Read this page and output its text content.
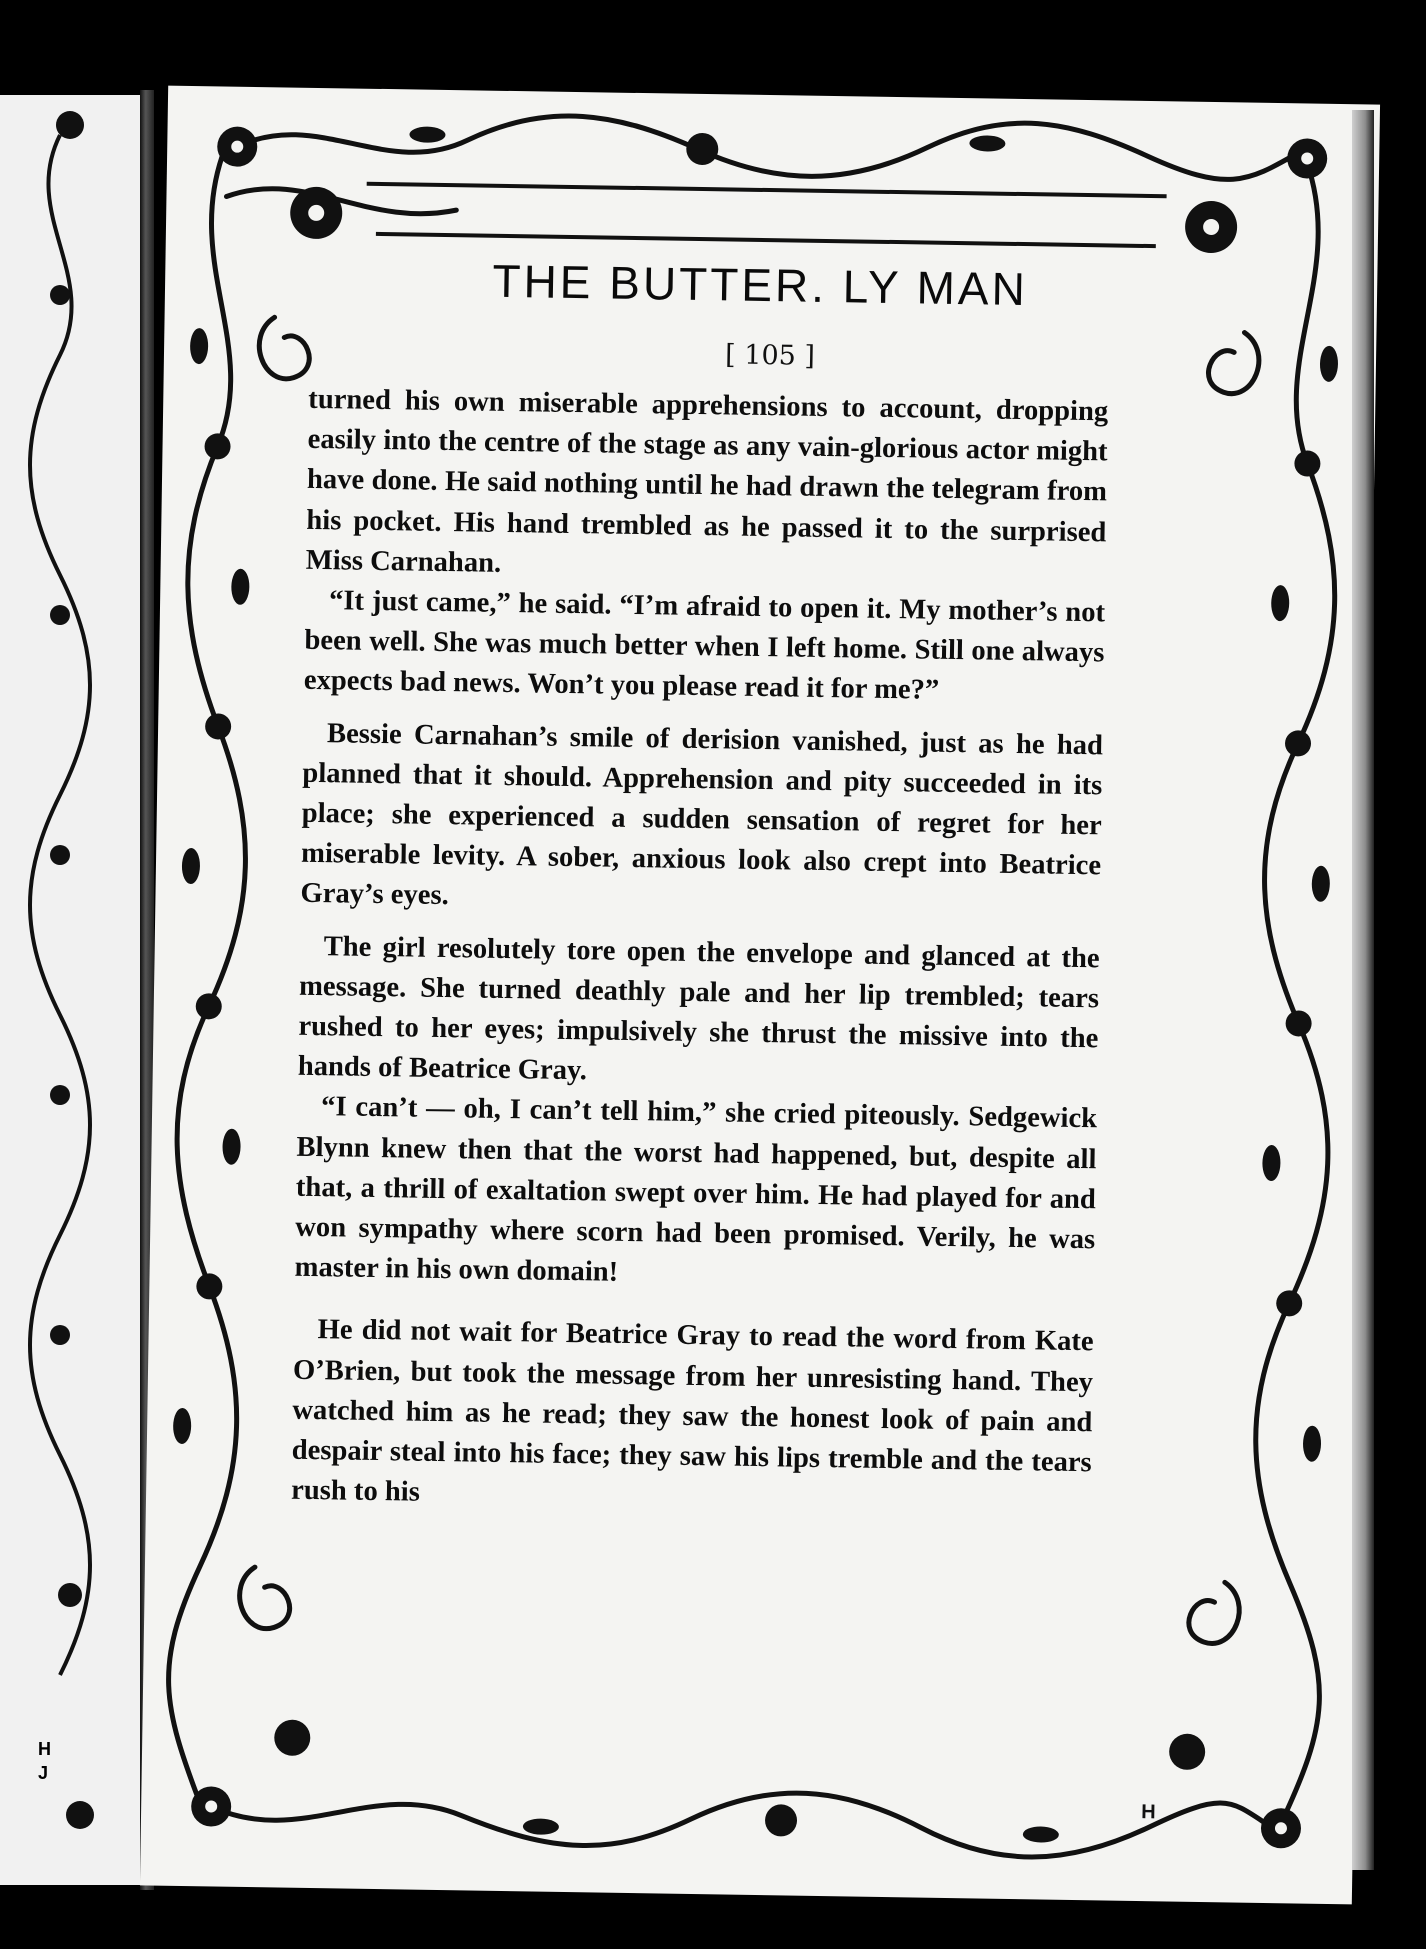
H
J
THE BUTTER. LY MAN
[ 105 ]

turned his own miserable apprehensions to account, dropping easily into the centre of the stage as any vain-glorious actor might have done. He said nothing until he had drawn the telegram from his pocket. His hand trembled as he passed it to the surprised Miss Carnahan.

“It just came,” he said. “I’m afraid to open it. My mother’s not been well. She was much better when I left home. Still one always expects bad news. Won’t you please read it for me?”

Bessie Carnahan’s smile of derision vanished, just as he had planned that it should. Apprehension and pity succeeded in its place; she experienced a sudden sensation of regret for her miserable levity. A sober, anxious look also crept into Beatrice Gray’s eyes.

The girl resolutely tore open the envelope and glanced at the message. She turned deathly pale and her lip trembled; tears rushed to her eyes; impulsively she thrust the missive into the hands of Beatrice Gray.

“I can’t — oh, I can’t tell him,” she cried piteously. Sedgewick Blynn knew then that the worst had happened, but, despite all that, a thrill of exaltation swept over him. He had played for and won sympathy where scorn had been promised. Verily, he was master in his own domain!

He did not wait for Beatrice Gray to read the word from Kate O’Brien, but took the message from her unresisting hand. They watched him as he read; they saw the honest look of pain and despair steal into his face; they saw his lips tremble and the tears rush to his

H
